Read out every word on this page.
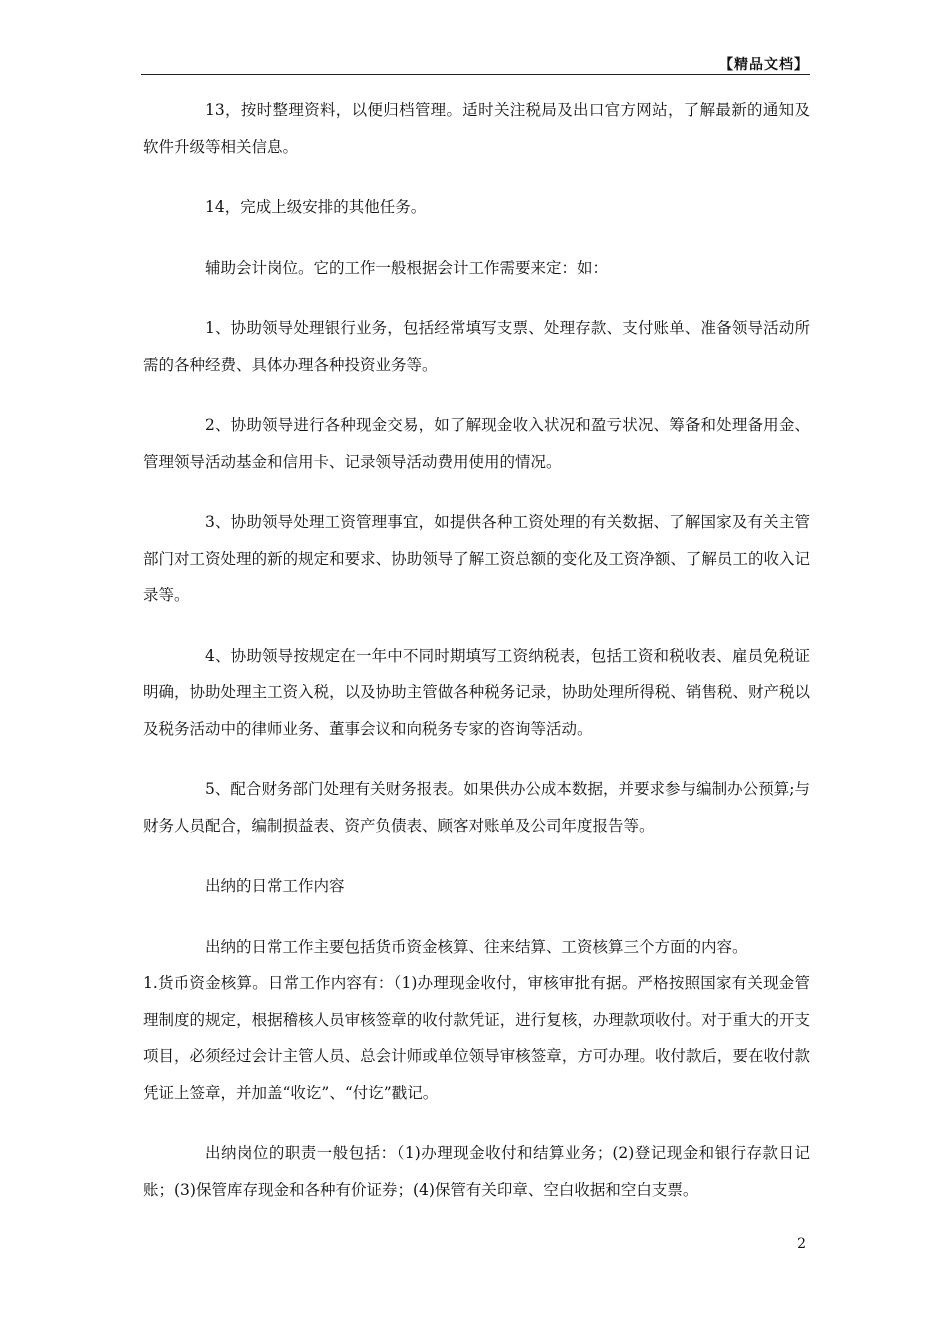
【精品文档】

13，按时整理资料，以便归档管理。适时关注税局及出口官方网站，了解最新的通知及软件升级等相关信息。

14，完成上级安排的其他任务。

辅助会计岗位。它的工作一般根据会计工作需要来定：如：

1、协助领导处理银行业务，包括经常填写支票、处理存款、支付账单、准备领导活动所需的各种经费、具体办理各种投资业务等。

2、协助领导进行各种现金交易，如了解现金收入状况和盈亏状况、筹备和处理备用金、管理领导活动基金和信用卡、记录领导活动费用使用的情况。

3、协助领导处理工资管理事宜，如提供各种工资处理的有关数据、了解国家及有关主管部门对工资处理的新的规定和要求、协助领导了解工资总额的变化及工资净额、了解员工的收入记录等。

4、协助领导按规定在一年中不同时期填写工资纳税表，包括工资和税收表、雇员免税证明确，协助处理主工资入税，以及协助主管做各种税务记录，协助处理所得税、销售税、财产税以及税务活动中的律师业务、董事会议和向税务专家的咨询等活动。

5、配合财务部门处理有关财务报表。如果供办公成本数据，并要求参与编制办公预算;与财务人员配合，编制损益表、资产负债表、顾客对账单及公司年度报告等。

出纳的日常工作内容

出纳的日常工作主要包括货币资金核算、往来结算、工资核算三个方面的内容。

1.货币资金核算。日常工作内容有：（1)办理现金收付，审核审批有据。严格按照国家有关现金管理制度的规定，根据稽核人员审核签章的收付款凭证，进行复核，办理款项收付。对于重大的开支项目，必须经过会计主管人员、总会计师或单位领导审核签章，方可办理。收付款后，要在收付款凭证上签章，并加盖“收讫”、“付讫”戳记。

出纳岗位的职责一般包括：（1)办理现金收付和结算业务；(2)登记现金和银行存款日记账；(3)保管库存现金和各种有价证券；(4)保管有关印章、空白收据和空白支票。

2
